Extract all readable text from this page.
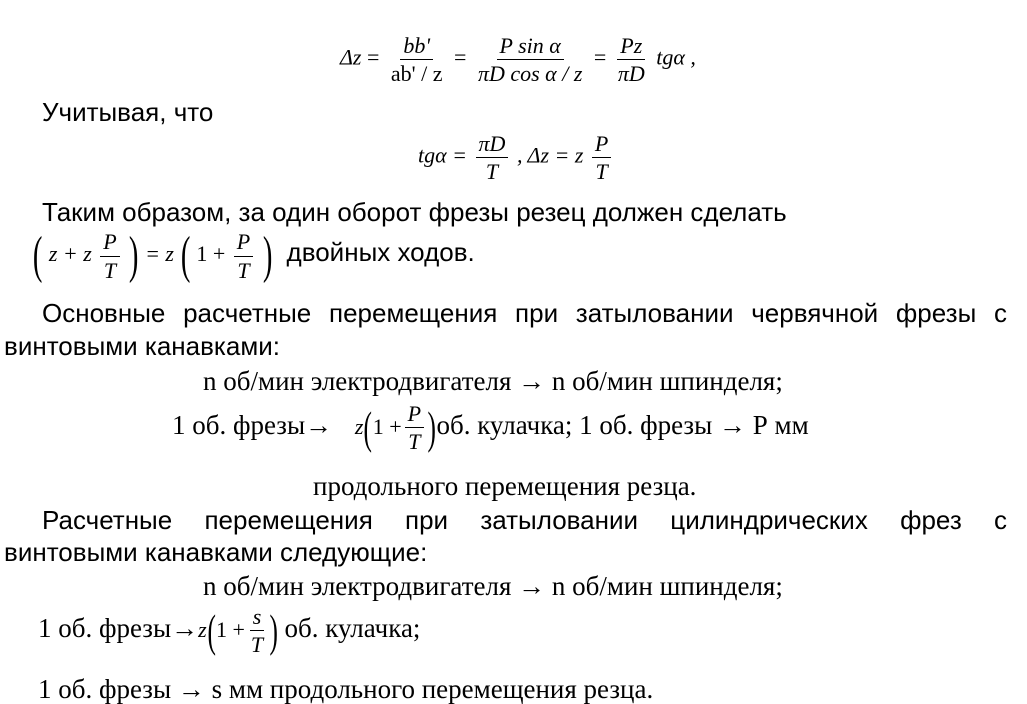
$\Delta z = \frac{bb'}{ab' / z} = \frac{\text{P sin α}}{\text{πD cos α / z}} = \frac{Pz}{\pi D}$ tgα ,
Учитывая, что
$tg\alpha = \frac{\pi D}{T}$ , Δz = z $\frac{P}{T}$
Таким образом, за один оборот фрезы резец должен сделать
( z + z $\frac{P}{T}$ ) = z ( $1 + \frac{P}{T}$ ) двойных ходов.
Основные расчетные перемещения при затыловании червячной фрезы с
винтовыми канавками:
n об/мин электродвигателя → n об/мин шпинделя;
1 об. фрезы→ $z(1 + \frac{P}{T} )об$. кулачка; 1 об. фрезы → Р мм
продольного перемещения резца.
Расчетные перемещения при затыловании цилиндрических фрез с
винтовыми канавками следующие:
n об/мин электродвигателя → n об/мин шпинделя;
1 об. фрезы→z(1 + $\frac{s}{T}$ ) об. кулачка;
1 об. фрезы → s мм продольного перемещения резца.
